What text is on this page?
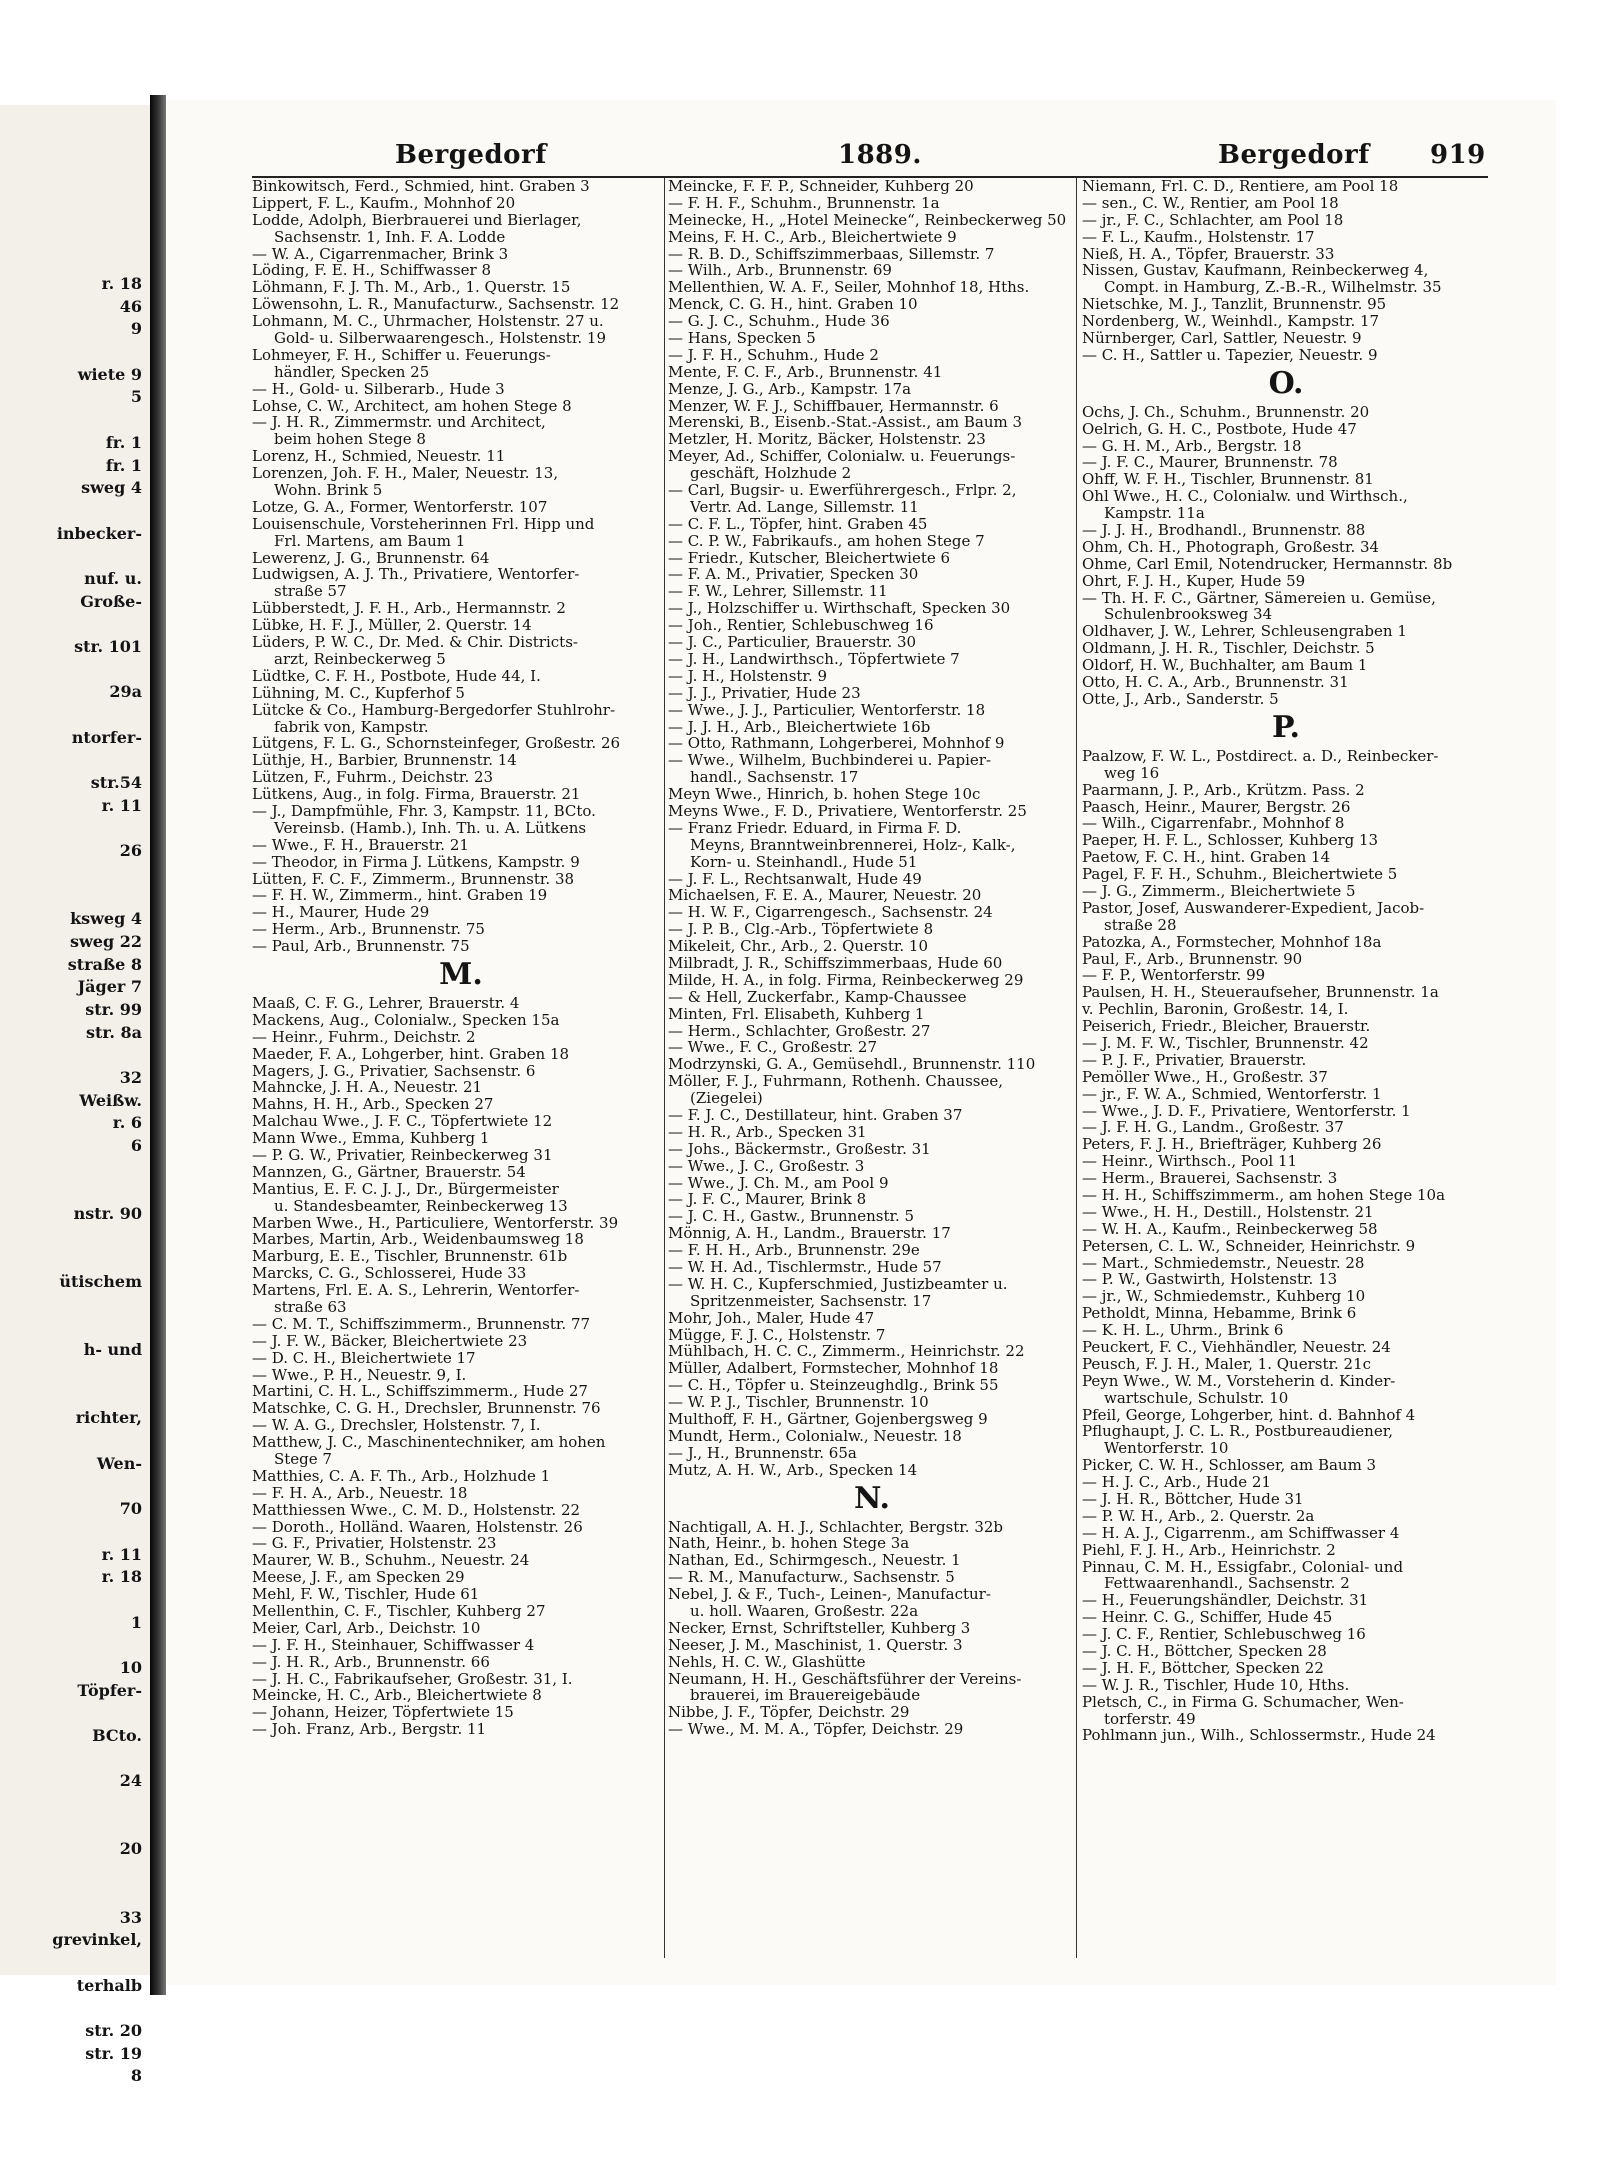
r. 18
46
9
wiete 9
5
fr. 1
fr. 1
sweg 4
inbecker-
nuf. u.
Große-
str. 101
29a
ntorfer-
str.54
r. 11
26
ksweg 4
sweg 22
straße 8
Jäger 7
str. 99
str. 8a
32
Weißw.
r. 6
6
nstr. 90
ütischem
h- und
richter,
Wen-
70
r. 11
r. 18
1
10
Töpfer-
BCto.
24
20
33
grevinkel,
terhalb
str. 20
str. 19
8
Bergedorf	1889.	Bergedorf 919
Binkowitsch, Ferd., Schmied, hint. Graben 3
Lippert, F. L., Kaufm., Mohnhof 20
Lodde, Adolph, Bierbrauerei und Bierlager,
Sachsenstr. 1, Inh. F. A. Lodde
— W. A., Cigarrenmacher, Brink 3
Löding, F. E. H., Schiffwasser 8
Löhmann, F. J. Th. M., Arb., 1. Querstr. 15
Löwensohn, L. R., Manufacturw., Sachsenstr. 12
Lohmann, M. C., Uhrmacher, Holstenstr. 27 u.
Gold- u. Silberwaarengesch., Holstenstr. 19
Lohmeyer, F. H., Schiffer u. Feuerungs-
händler, Specken 25
— H., Gold- u. Silberarb., Hude 3
Lohse, C. W., Architect, am hohen Stege 8
— J. H. R., Zimmermstr. und Architect,
beim hohen Stege 8
Lorenz, H., Schmied, Neuestr. 11
Lorenzen, Joh. F. H., Maler, Neuestr. 13,
Wohn. Brink 5
Lotze, G. A., Former, Wentorferstr. 107
Louisenschule, Vorsteherinnen Frl. Hipp und
Frl. Martens, am Baum 1
Lewerenz, J. G., Brunnenstr. 64
Ludwigsen, A. J. Th., Privatiere, Wentorfer-
straße 57
Lübberstedt, J. F. H., Arb., Hermannstr. 2
Lübke, H. F. J., Müller, 2. Querstr. 14
Lüders, P. W. C., Dr. Med. & Chir. Districts-
arzt, Reinbeckerweg 5
Lüdtke, C. F. H., Postbote, Hude 44, I.
Lühning, M. C., Kupferhof 5
Lütcke & Co., Hamburg-Bergedorfer Stuhlrohr-
fabrik von, Kampstr.
Lütgens, F. L. G., Schornsteinfeger, Großestr. 26
Lüthje, H., Barbier, Brunnenstr. 14
Lützen, F., Fuhrm., Deichstr. 23
Lütkens, Aug., in folg. Firma, Brauerstr. 21
— J., Dampfmühle, Fhr. 3, Kampstr. 11, BCto.
Vereinsb. (Hamb.), Inh. Th. u. A. Lütkens
— Wwe., F. H., Brauerstr. 21
— Theodor, in Firma J. Lütkens, Kampstr. 9
Lütten, F. C. F., Zimmerm., Brunnenstr. 38
— F. H. W., Zimmerm., hint. Graben 19
— H., Maurer, Hude 29
— Herm., Arb., Brunnenstr. 75
— Paul, Arb., Brunnenstr. 75
M.
Maaß, C. F. G., Lehrer, Brauerstr. 4
Mackens, Aug., Colonialw., Specken 15a
— Heinr., Fuhrm., Deichstr. 2
Maeder, F. A., Lohgerber, hint. Graben 18
Magers, J. G., Privatier, Sachsenstr. 6
Mahncke, J. H. A., Neuestr. 21
Mahns, H. H., Arb., Specken 27
Malchau Wwe., J. F. C., Töpfertwiete 12
Mann Wwe., Emma, Kuhberg 1
— P. G. W., Privatier, Reinbeckerweg 31
Mannzen, G., Gärtner, Brauerstr. 54
Mantius, E. F. C. J. J., Dr., Bürgermeister
u. Standesbeamter, Reinbeckerweg 13
Marben Wwe., H., Particuliere, Wentorferstr. 39
Marbes, Martin, Arb., Weidenbaumsweg 18
Marburg, E. E., Tischler, Brunnenstr. 61b
Marcks, C. G., Schlosserei, Hude 33
Martens, Frl. E. A. S., Lehrerin, Wentorfer-
straße 63
— C. M. T., Schiffszimmerm., Brunnenstr. 77
— J. F. W., Bäcker, Bleichertwiete 23
— D. C. H., Bleichertwiete 17
— Wwe., P. H., Neuestr. 9, I.
Martini, C. H. L., Schiffszimmerm., Hude 27
Matschke, C. G. H., Drechsler, Brunnenstr. 76
— W. A. G., Drechsler, Holstenstr. 7, I.
Matthew, J. C., Maschinentechniker, am hohen
Stege 7
Matthies, C. A. F. Th., Arb., Holzhude 1
— F. H. A., Arb., Neuestr. 18
Matthiessen Wwe., C. M. D., Holstenstr. 22
— Doroth., Holländ. Waaren, Holstenstr. 26
— G. F., Privatier, Holstenstr. 23
Maurer, W. B., Schuhm., Neuestr. 24
Meese, J. F., am Specken 29
Mehl, F. W., Tischler, Hude 61
Mellenthin, C. F., Tischler, Kuhberg 27
Meier, Carl, Arb., Deichstr. 10
— J. F. H., Steinhauer, Schiffwasser 4
— J. H. R., Arb., Brunnenstr. 66
— J. H. C., Fabrikaufseher, Großestr. 31, I.
Meincke, H. C., Arb., Bleichertwiete 8
— Johann, Heizer, Töpfertwiete 15
— Joh. Franz, Arb., Bergstr. 11
Meincke, F. F. P., Schneider, Kuhberg 20
— F. H. F., Schuhm., Brunnenstr. 1a
Meinecke, H., „Hotel Meinecke“, Reinbeckerweg 50
Meins, F. H. C., Arb., Bleichertwiete 9
— R. B. D., Schiffszimmerbaas, Sillemstr. 7
— Wilh., Arb., Brunnenstr. 69
Mellenthien, W. A. F., Seiler, Mohnhof 18, Hths.
Menck, C. G. H., hint. Graben 10
— G. J. C., Schuhm., Hude 36
— Hans, Specken 5
— J. F. H., Schuhm., Hude 2
Mente, F. C. F., Arb., Brunnenstr. 41
Menze, J. G., Arb., Kampstr. 17a
Menzer, W. F. J., Schiffbauer, Hermannstr. 6
Merenski, B., Eisenb.-Stat.-Assist., am Baum 3
Metzler, H. Moritz, Bäcker, Holstenstr. 23
Meyer, Ad., Schiffer, Colonialw. u. Feuerungs-
geschäft, Holzhude 2
— Carl, Bugsir- u. Ewerführergesch., Frlpr. 2,
Vertr. Ad. Lange, Sillemstr. 11
— C. F. L., Töpfer, hint. Graben 45
— C. P. W., Fabrikaufs., am hohen Stege 7
— Friedr., Kutscher, Bleichertwiete 6
— F. A. M., Privatier, Specken 30
— F. W., Lehrer, Sillemstr. 11
— J., Holzschiffer u. Wirthschaft, Specken 30
— Joh., Rentier, Schlebuschweg 16
— J. C., Particulier, Brauerstr. 30
— J. H., Landwirthsch., Töpfertwiete 7
— J. H., Holstenstr. 9
— J. J., Privatier, Hude 23
— Wwe., J. J., Particulier, Wentorferstr. 18
— J. J. H., Arb., Bleichertwiete 16b
— Otto, Rathmann, Lohgerberei, Mohnhof 9
— Wwe., Wilhelm, Buchbinderei u. Papier-
handl., Sachsenstr. 17
Meyn Wwe., Hinrich, b. hohen Stege 10c
Meyns Wwe., F. D., Privatiere, Wentorferstr. 25
— Franz Friedr. Eduard, in Firma F. D.
Meyns, Branntweinbrennerei, Holz-, Kalk-,
Korn- u. Steinhandl., Hude 51
— J. F. L., Rechtsanwalt, Hude 49
Michaelsen, F. E. A., Maurer, Neuestr. 20
— H. W. F., Cigarrengesch., Sachsenstr. 24
— J. P. B., Clg.-Arb., Töpfertwiete 8
Mikeleit, Chr., Arb., 2. Querstr. 10
Milbradt, J. R., Schiffszimmerbaas, Hude 60
Milde, H. A., in folg. Firma, Reinbeckerweg 29
— & Hell, Zuckerfabr., Kamp-Chaussee
Minten, Frl. Elisabeth, Kuhberg 1
— Herm., Schlachter, Großestr. 27
— Wwe., F. C., Großestr. 27
Modrzynski, G. A., Gemüsehdl., Brunnenstr. 110
Möller, F. J., Fuhrmann, Rothenh. Chaussee,
(Ziegelei)
— F. J. C., Destillateur, hint. Graben 37
— H. R., Arb., Specken 31
— Johs., Bäckermstr., Großestr. 31
— Wwe., J. C., Großestr. 3
— Wwe., J. Ch. M., am Pool 9
— J. F. C., Maurer, Brink 8
— J. C. H., Gastw., Brunnenstr. 5
Mönnig, A. H., Landm., Brauerstr. 17
— F. H. H., Arb., Brunnenstr. 29e
— W. H. Ad., Tischlermstr., Hude 57
— W. H. C., Kupferschmied, Justizbeamter u.
Spritzenmeister, Sachsenstr. 17
Mohr, Joh., Maler, Hude 47
Mügge, F. J. C., Holstenstr. 7
Mühlbach, H. C. C., Zimmerm., Heinrichstr. 22
Müller, Adalbert, Formstecher, Mohnhof 18
— C. H., Töpfer u. Steinzeughdlg., Brink 55
— W. P. J., Tischler, Brunnenstr. 10
Multhoff, F. H., Gärtner, Gojenbergsweg 9
Mundt, Herm., Colonialw., Neuestr. 18
— J., H., Brunnenstr. 65a
Mutz, A. H. W., Arb., Specken 14
N.
Nachtigall, A. H. J., Schlachter, Bergstr. 32b
Nath, Heinr., b. hohen Stege 3a
Nathan, Ed., Schirmgesch., Neuestr. 1
— R. M., Manufacturw., Sachsenstr. 5
Nebel, J. & F., Tuch-, Leinen-, Manufactur-
u. holl. Waaren, Großestr. 22a
Necker, Ernst, Schriftsteller, Kuhberg 3
Neeser, J. M., Maschinist, 1. Querstr. 3
Nehls, H. C. W., Glashütte
Neumann, H. H., Geschäftsführer der Vereins-
brauerei, im Brauereigebäude
Nibbe, J. F., Töpfer, Deichstr. 29
— Wwe., M. M. A., Töpfer, Deichstr. 29
Niemann, Frl. C. D., Rentiere, am Pool 18
— sen., C. W., Rentier, am Pool 18
— jr., F. C., Schlachter, am Pool 18
— F. L., Kaufm., Holstenstr. 17
Nieß, H. A., Töpfer, Brauerstr. 33
Nissen, Gustav, Kaufmann, Reinbeckerweg 4,
Compt. in Hamburg, Z.-B.-R., Wilhelmstr. 35
Nietschke, M. J., Tanzlit, Brunnenstr. 95
Nordenberg, W., Weinhdl., Kampstr. 17
Nürnberger, Carl, Sattler, Neuestr. 9
— C. H., Sattler u. Tapezier, Neuestr. 9
O.
Ochs, J. Ch., Schuhm., Brunnenstr. 20
Oelrich, G. H. C., Postbote, Hude 47
— G. H. M., Arb., Bergstr. 18
— J. F. C., Maurer, Brunnenstr. 78
Ohff, W. F. H., Tischler, Brunnenstr. 81
Ohl Wwe., H. C., Colonialw. und Wirthsch.,
Kampstr. 11a
— J. J. H., Brodhandl., Brunnenstr. 88
Ohm, Ch. H., Photograph, Großestr. 34
Ohme, Carl Emil, Notendrucker, Hermannstr. 8b
Ohrt, F. J. H., Kuper, Hude 59
— Th. H. F. C., Gärtner, Sämereien u. Gemüse,
Schulenbrooksweg 34
Oldhaver, J. W., Lehrer, Schleusengraben 1
Oldmann, J. H. R., Tischler, Deichstr. 5
Oldorf, H. W., Buchhalter, am Baum 1
Otto, H. C. A., Arb., Brunnenstr. 31
Otte, J., Arb., Sanderstr. 5
P.
Paalzow, F. W. L., Postdirect. a. D., Reinbecker-
weg 16
Paarmann, J. P., Arb., Krützm. Pass. 2
Paasch, Heinr., Maurer, Bergstr. 26
— Wilh., Cigarrenfabr., Mohnhof 8
Paeper, H. F. L., Schlosser, Kuhberg 13
Paetow, F. C. H., hint. Graben 14
Pagel, F. F. H., Schuhm., Bleichertwiete 5
— J. G., Zimmerm., Bleichertwiete 5
Pastor, Josef, Auswanderer-Expedient, Jacob-
straße 28
Patozka, A., Formstecher, Mohnhof 18a
Paul, F., Arb., Brunnenstr. 90
— F. P., Wentorferstr. 99
Paulsen, H. H., Steueraufseher, Brunnenstr. 1a
v. Pechlin, Baronin, Großestr. 14, I.
Peiserich, Friedr., Bleicher, Brauerstr.
— J. M. F. W., Tischler, Brunnenstr. 42
— P. J. F., Privatier, Brauerstr.
Pemöller Wwe., H., Großestr. 37
— jr., F. W. A., Schmied, Wentorferstr. 1
— Wwe., J. D. F., Privatiere, Wentorferstr. 1
— J. F. H. G., Landm., Großestr. 37
Peters, F. J. H., Briefträger, Kuhberg 26
— Heinr., Wirthsch., Pool 11
— Herm., Brauerei, Sachsenstr. 3
— H. H., Schiffszimmerm., am hohen Stege 10a
— Wwe., H. H., Destill., Holstenstr. 21
— W. H. A., Kaufm., Reinbeckerweg 58
Petersen, C. L. W., Schneider, Heinrichstr. 9
— Mart., Schmiedemstr., Neuestr. 28
— P. W., Gastwirth, Holstenstr. 13
— jr., W., Schmiedemstr., Kuhberg 10
Petholdt, Minna, Hebamme, Brink 6
— K. H. L., Uhrm., Brink 6
Peuckert, F. C., Viehhändler, Neuestr. 24
Peusch, F. J. H., Maler, 1. Querstr. 21c
Peyn Wwe., W. M., Vorsteherin d. Kinder-
wartschule, Schulstr. 10
Pfeil, George, Lohgerber, hint. d. Bahnhof 4
Pflughaupt, J. C. L. R., Postbureaudiener,
Wentorferstr. 10
Picker, C. W. H., Schlosser, am Baum 3
— H. J. C., Arb., Hude 21
— J. H. R., Böttcher, Hude 31
— P. W. H., Arb., 2. Querstr. 2a
— H. A. J., Cigarrenm., am Schiffwasser 4
Piehl, F. J. H., Arb., Heinrichstr. 2
Pinnau, C. M. H., Essigfabr., Colonial- und
Fettwaarenhandl., Sachsenstr. 2
— H., Feuerungshändler, Deichstr. 31
— Heinr. C. G., Schiffer, Hude 45
— J. C. F., Rentier, Schlebuschweg 16
— J. C. H., Böttcher, Specken 28
— J. H. F., Böttcher, Specken 22
— W. J. R., Tischler, Hude 10, Hths.
Pletsch, C., in Firma G. Schumacher, Wen-
torferstr. 49
Pohlmann jun., Wilh., Schlossermstr., Hude 24
